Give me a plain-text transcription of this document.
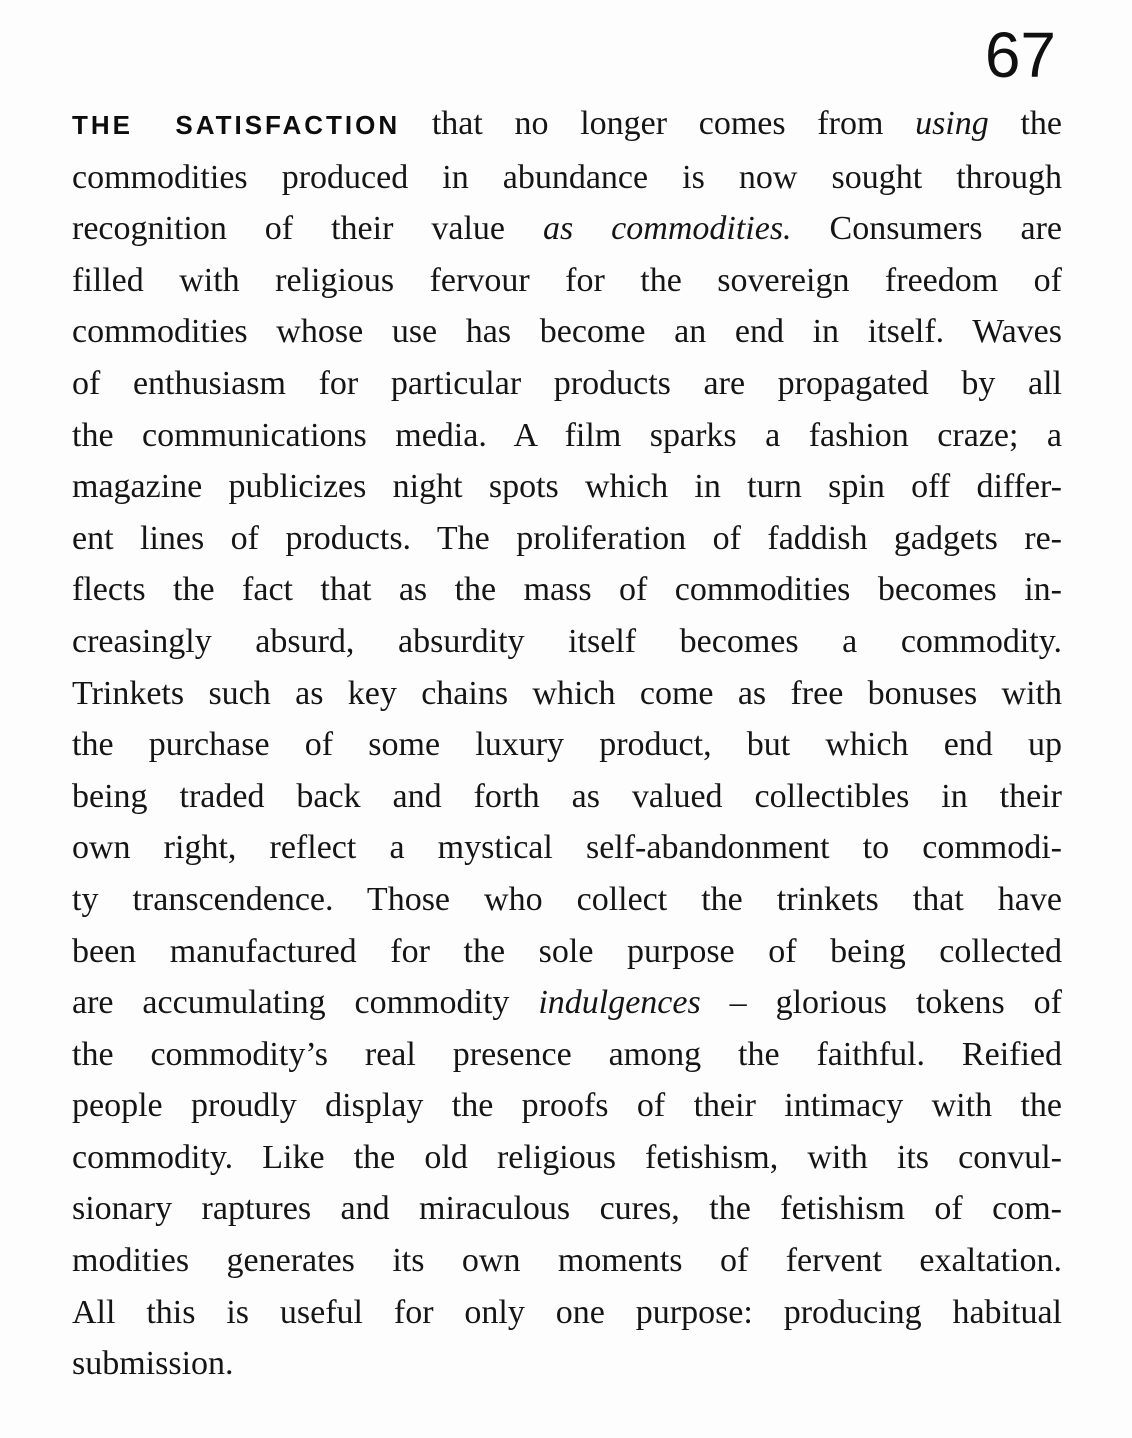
67
THE SATISFACTION that no longer comes from using the
commodities produced in abundance is now sought through
recognition of their value as commodities. Consumers are
filled with religious fervour for the sovereign freedom of
commodities whose use has become an end in itself. Waves
of enthusiasm for particular products are propagated by all
the communications media. A film sparks a fashion craze; a
magazine publicizes night spots which in turn spin off differ-
ent lines of products. The proliferation of faddish gadgets re-
flects the fact that as the mass of commodities becomes in-
creasingly absurd, absurdity itself becomes a commodity.
Trinkets such as key chains which come as free bonuses with
the purchase of some luxury product, but which end up
being traded back and forth as valued collectibles in their
own right, reflect a mystical self-abandonment to commodi-
ty transcendence. Those who collect the trinkets that have
been manufactured for the sole purpose of being collected
are accumulating commodity indulgences – glorious tokens of
the commodity’s real presence among the faithful. Reified
people proudly display the proofs of their intimacy with the
commodity. Like the old religious fetishism, with its convul-
sionary raptures and miraculous cures, the fetishism of com-
modities generates its own moments of fervent exaltation.
All this is useful for only one purpose: producing habitual
submission.
